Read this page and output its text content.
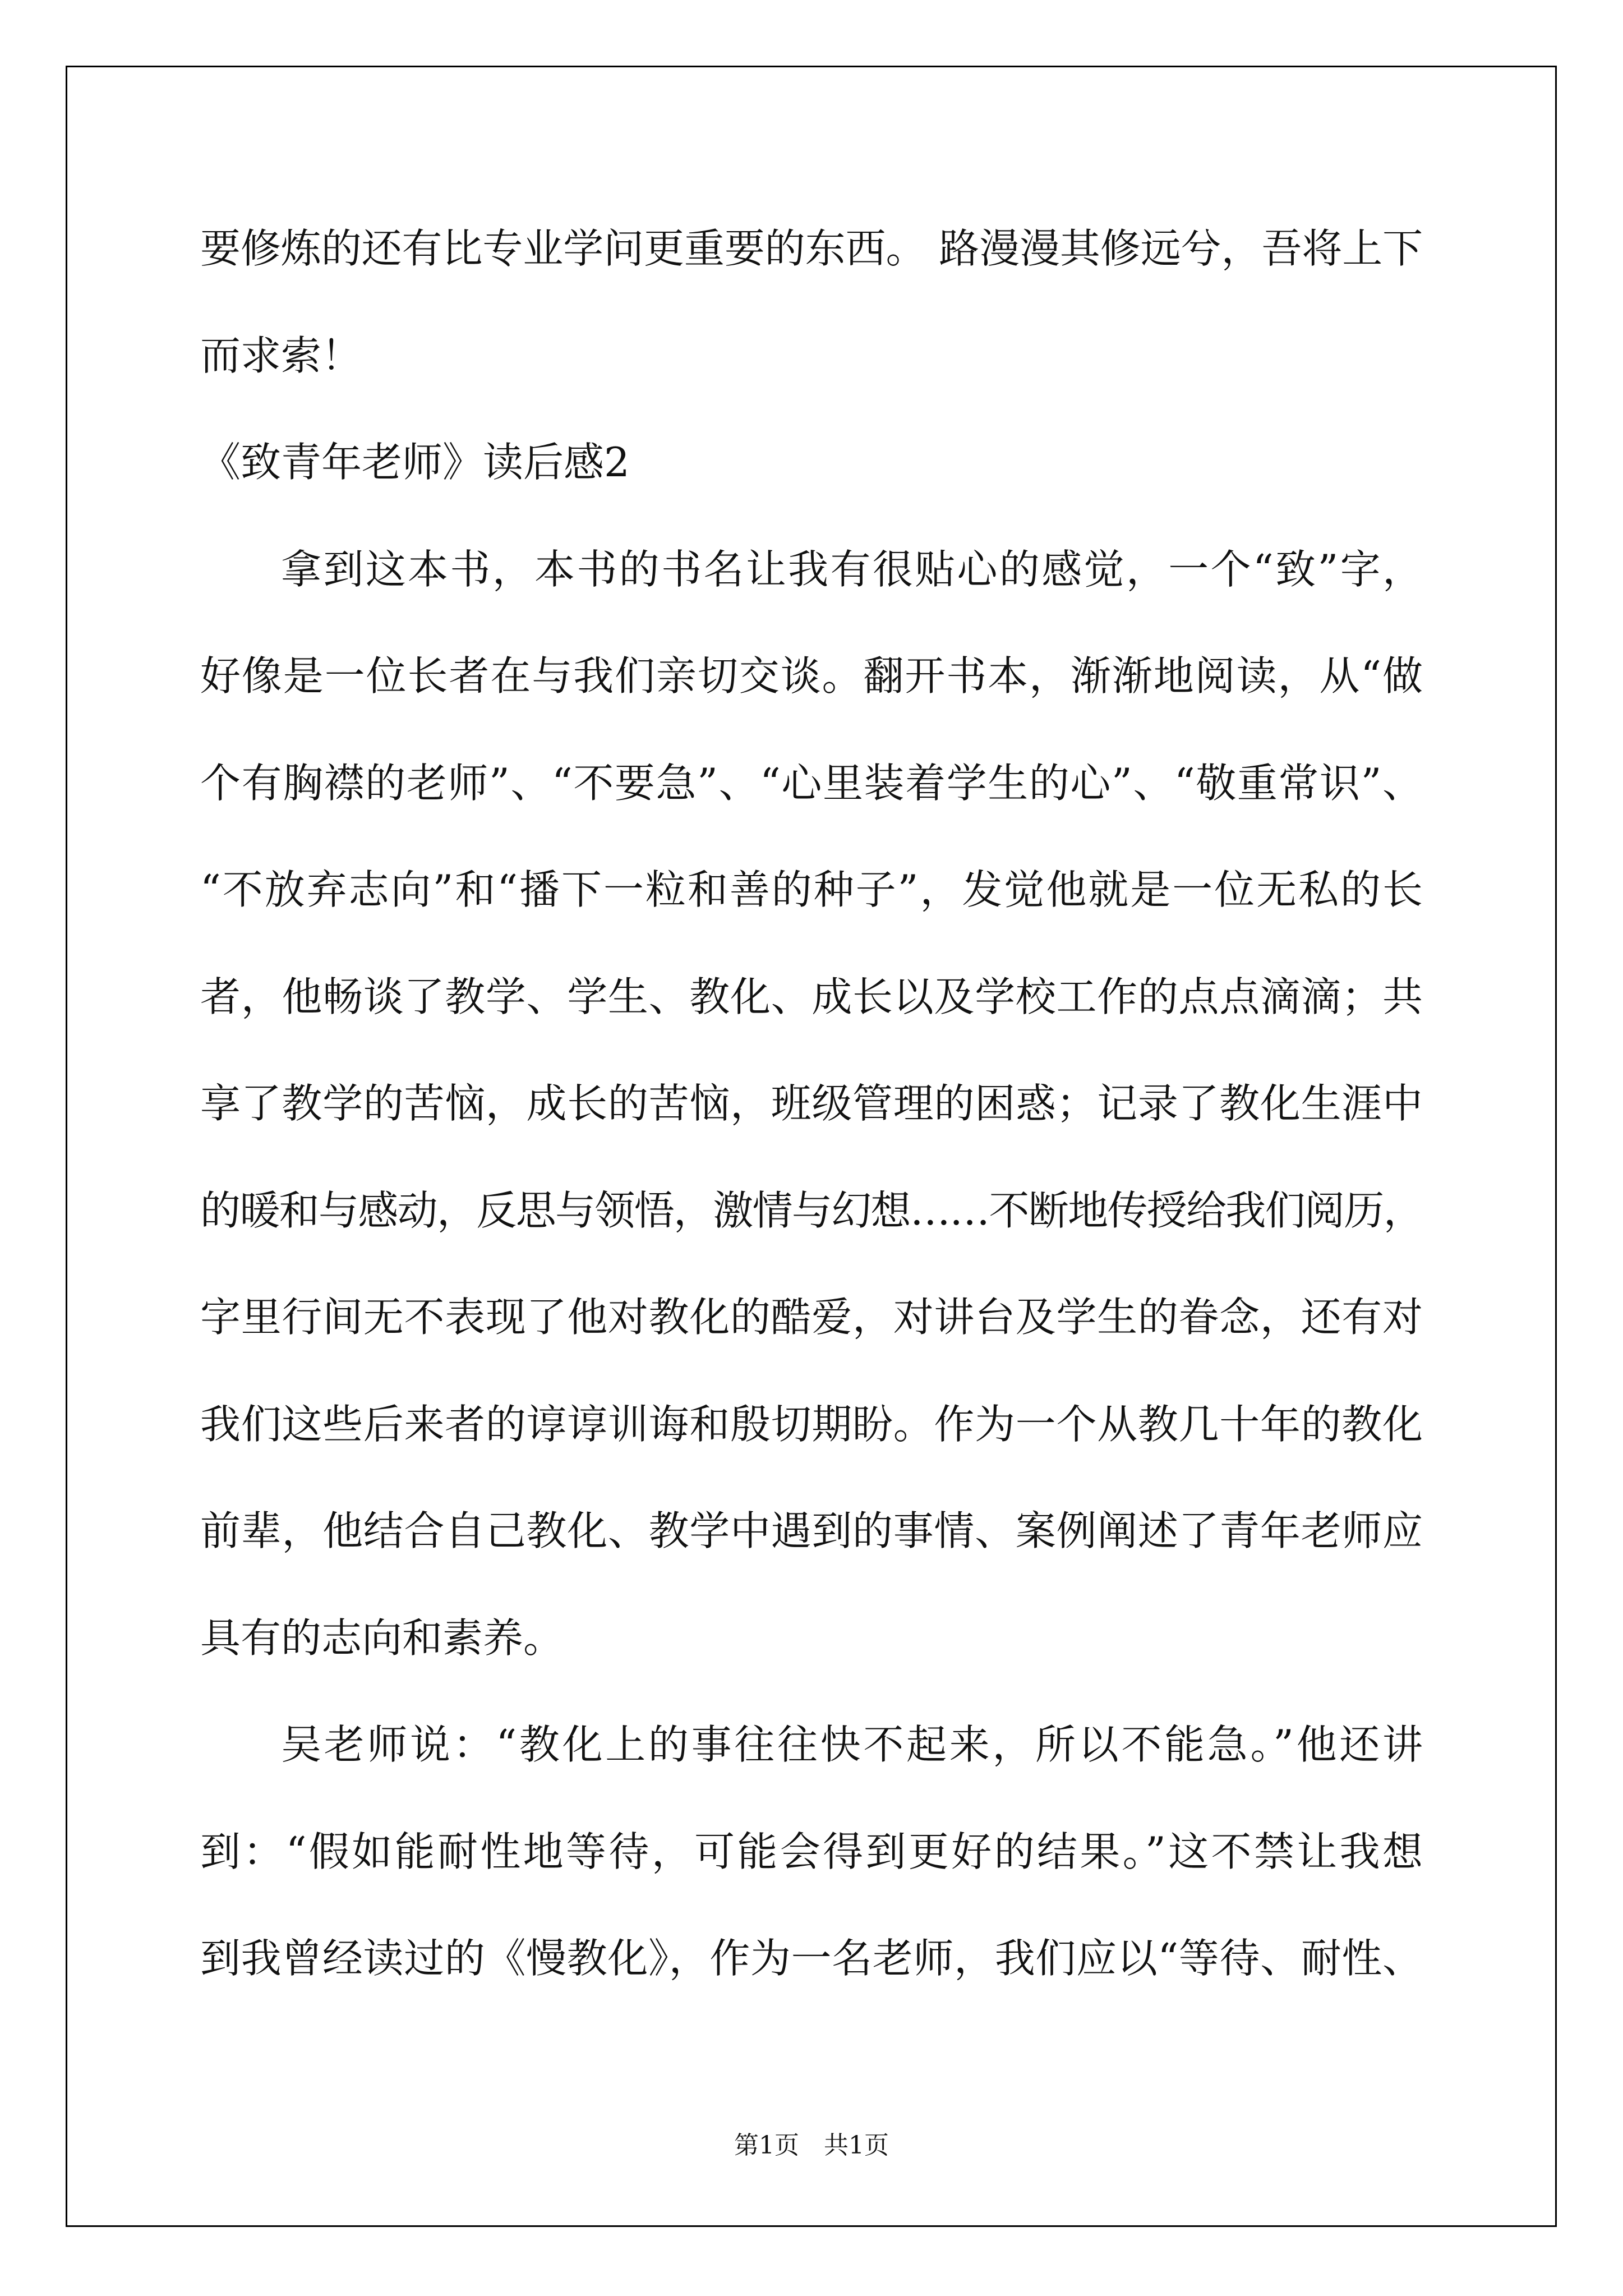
要修炼的还有比专业学问更重要的东西。 路漫漫其修远兮，吾将上下
而求索！
《致青年老师》读后感2
拿到这本书，本书的书名让我有很贴心的感觉，一个“致”字，
好像是一位长者在与我们亲切交谈。翻开书本，渐渐地阅读，从“做
个有胸襟的老师”、“不要急”、“心里装着学生的心”、“敬重常识”、
“不放弃志向”和“播下一粒和善的种子”，发觉他就是一位无私的长
者，他畅谈了教学、学生、教化、成长以及学校工作的点点滴滴；共
享了教学的苦恼，成长的苦恼，班级管理的困惑；记录了教化生涯中
的暖和与感动，反思与领悟，激情与幻想……不断地传授给我们阅历，
字里行间无不表现了他对教化的酷爱，对讲台及学生的眷念，还有对
我们这些后来者的谆谆训诲和殷切期盼。作为一个从教几十年的教化
前辈，他结合自己教化、教学中遇到的事情、案例阐述了青年老师应
具有的志向和素养。
吴老师说：“教化上的事往往快不起来，所以不能急。”他还讲
到：“假如能耐性地等待，可能会得到更好的结果。”这不禁让我想
到我曾经读过的《慢教化》，作为一名老师，我们应以“等待、耐性、
第1页　共1页
